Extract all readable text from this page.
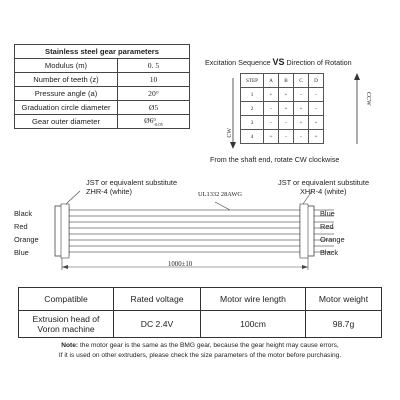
Stainless steel gear parameters
Modulus (m)	0. 5
Number of teeth (z)	10
Pressure angle (a)	20°
Graduation circle diameter	Ø5
Gear outer diameter	Ø6 0
-0.05
Excitation Sequence VS Direction of Rotation
STEP	A	B	C	D
1	+	+	-	-
2	-	+	+	-
3	-	-	+	+
4	+	-	-	+
CCW
CW
From the shaft end, rotate CW clockwise
JST or equivalent substitute
ZHR-4 (white)
JST or equivalent substitute
XHR-4 (white)
UL1332 28AWG
1000±10
Black
Red
Orange
Blue
Blue
Red
Orange
Black
Compatible	Rated voltage	Motor wire length	Motor weight
Extrusion head of Voron machine	DC 2.4V	100cm	98.7g
Note: the motor gear is the same as the BMG gear, because the gear height may cause errors,
If it is used on other extruders, please check the size parameters of the motor before purchasing.
